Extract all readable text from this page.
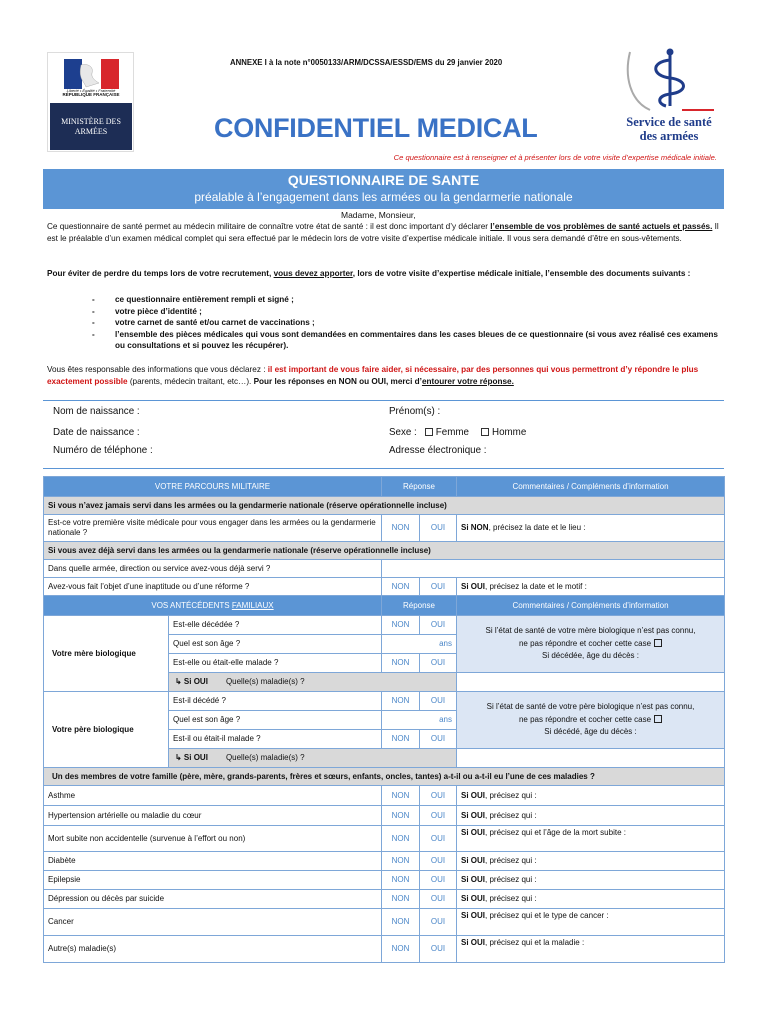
Liberté • Égalité • Fraternité
RÉPUBLIQUE FRANÇAISE
MINISTÈRE DES ARMÉES
ANNEXE I à la note n°0050133/ARM/DCSSA/ESSD/EMS du 29 janvier 2020
CONFIDENTIEL MEDICAL	Service de santé
des armées
Ce questionnaire est à renseigner et à présenter lors de votre visite d’expertise médicale initiale.
QUESTIONNAIRE DE SANTE
préalable à l’engagement dans les armées ou la gendarmerie nationale
Madame, Monsieur,
Ce questionnaire de santé permet au médecin militaire de connaître votre état de santé : il est donc important d’y déclarer l’ensemble de vos problèmes de santé actuels et passés. Il est le préalable d’un examen médical complet qui sera effectué par le médecin lors de votre visite d’expertise médicale initiale. Il vous sera demandé d’être en sous-vêtements.
Pour éviter de perdre du temps lors de votre recrutement, vous devez apporter, lors de votre visite d’expertise médicale initiale, l’ensemble des documents suivants :
- ce questionnaire entièrement rempli et signé ;
- votre pièce d’identité ;
- votre carnet de santé et/ou carnet de vaccinations ;
- l’ensemble des pièces médicales qui vous sont demandées en commentaires dans les cases bleues de ce questionnaire (si vous avez réalisé ces examens ou consultations et si pouvez les récupérer).
Vous êtes responsable des informations que vous déclarez : il est important de vous faire aider, si nécessaire, par des personnes qui vous permettront d’y répondre le plus exactement possible (parents, médecin traitant, etc…). Pour les réponses en NON ou OUI, merci d’entourer votre réponse.
Nom de naissance :	Prénom(s) :
Date de naissance :	Sexe : Femme Homme
Numéro de téléphone :	Adresse électronique :
VOTRE PARCOURS MILITAIRE		Réponse		Commentaires / Compléments d’information
Si vous n’avez jamais servi dans les armées ou la gendarmerie nationale (réserve opérationnelle incluse)				
Est-ce votre première visite médicale pour vous engager dans les armées ou la gendarmerie nationale ?		NON	OUI	Si NON, précisez la date et le lieu :
Si vous avez déjà servi dans les armées ou la gendarmerie nationale (réserve opérationnelle incluse)				
Dans quelle armée, direction ou service avez-vous déjà servi ?				
Avez-vous fait l’objet d’une inaptitude ou d’une réforme ?		NON	OUI	Si OUI, précisez la date et le motif :
VOS ANTÉCÉDENTS FAMILIAUX		Réponse		Commentaires / Compléments d’information
Votre mère biologique	Est-elle décédée ?	NON	OUI	Si l’état de santé de votre mère biologique n’est pas connu,
ne pas répondre et cocher cette case
Si décédée, âge du décès :

	Quel est son âge ?	ans		
	Est-elle ou était-elle malade ?	NON	OUI	
	↳ Si OUI Quelle(s) maladie(s) ?			
Votre père biologique	Est-il décédé ?	NON	OUI	Si l’état de santé de votre père biologique n’est pas connu,
ne pas répondre et cocher cette case
Si décédé, âge du décès :

	Quel est son âge ?	ans		
	Est-il ou était-il malade ?	NON	OUI	
	↳ Si OUI Quelle(s) maladie(s) ?			
Un des membres de votre famille (père, mère, grands-parents, frères et sœurs, enfants, oncles, tantes) a-t-il ou a-t-il eu l’une de ces maladies ?				
Asthme		NON	OUI	Si OUI, précisez qui :
Hypertension artérielle ou maladie du cœur		NON	OUI	Si OUI, précisez qui :
Mort subite non accidentelle (survenue à l’effort ou non)		NON	OUI	Si OUI, précisez qui et l’âge de la mort subite :
Diabète		NON	OUI	Si OUI, précisez qui :
Epilepsie		NON	OUI	Si OUI, précisez qui :
Dépression ou décès par suicide		NON	OUI	Si OUI, précisez qui :
Cancer		NON	OUI	Si OUI, précisez qui et le type de cancer :
Autre(s) maladie(s)		NON	OUI	Si OUI, précisez qui et la maladie :
